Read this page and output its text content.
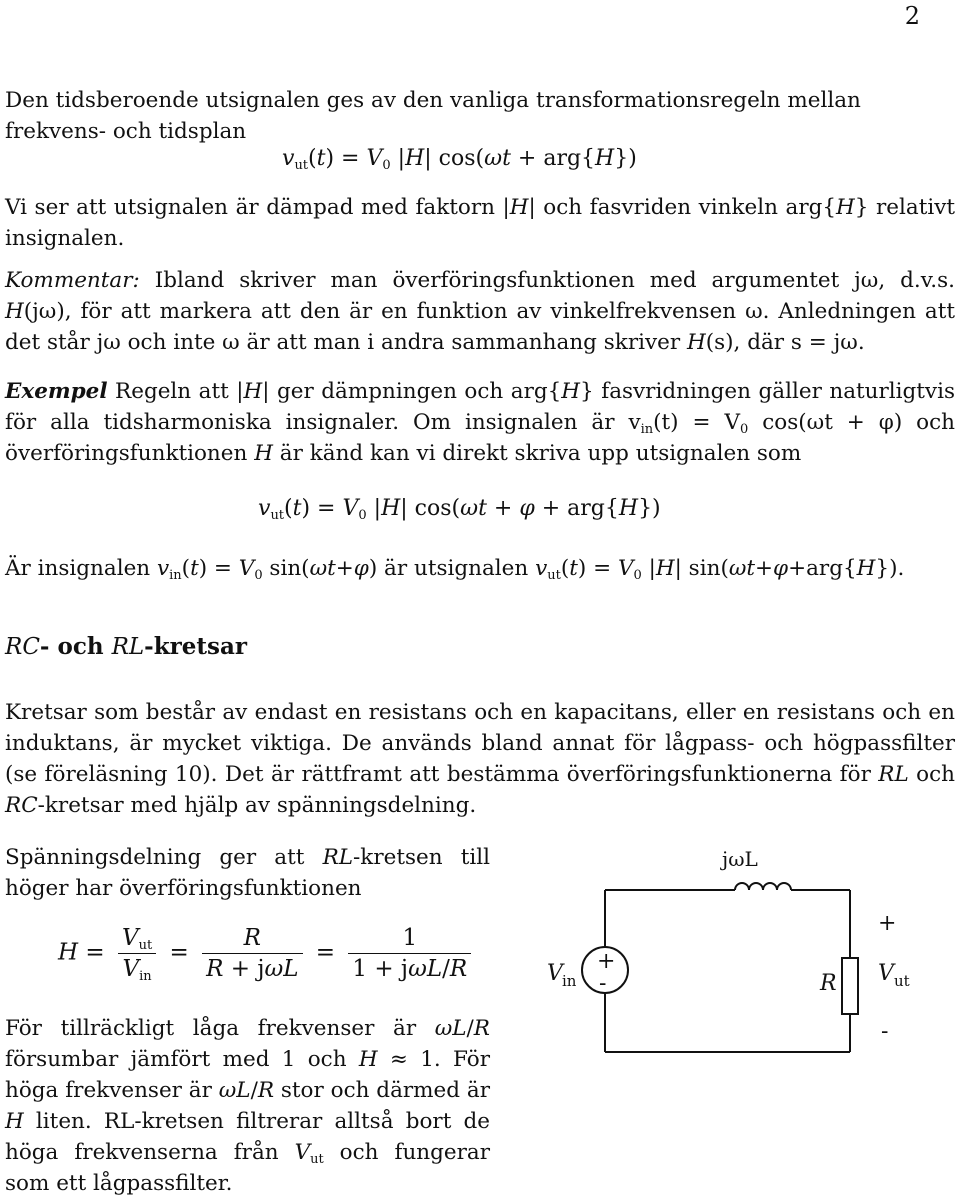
2
Den tidsberoende utsignalen ges av den vanliga transformationsregeln mellan frekvens- och tidsplan
$v_{ut}(t) = V_0$ |H| cos(ωt + arg{H})
Vi ser att utsignalen är dämpad med faktorn |H| och fasvriden vinkeln arg{H} relativt insignalen.
Kommentar: Ibland skriver man överföringsfunktionen med argumentet jω, d.v.s. H(jω), för att markera att den är en funktion av vinkelfrekvensen ω. Anledningen att det står jω och inte ω är att man i andra sammanhang skriver H(s), där s = jω.
Exempel Regeln att |H| ger dämpningen och arg{H} fasvridningen gäller naturligtvis för alla tidsharmoniska insignaler. Om insignalen är $v_{in}(t) = V_0$ cos(ωt + φ) och överföringsfunktionen H är känd kan vi direkt skriva upp utsignalen som
$v_{ut}(t) = V_0$ |H| cos(ωt + φ + arg{H})
Är insignalen $v_{in}(t) = V_0$ sin(ωt+φ) är utsignalen $v_{ut}(t) = V_0$ |H| sin(ωt+φ+arg{H}).
RC- och RL-kretsar
Kretsar som består av endast en resistans och en kapacitans, eller en resistans och en induktans, är mycket viktiga. De används bland annat för lågpass- och högpassfilter (se föreläsning 10). Det är rättframt att bestämma överföringsfunktionerna för RL och RC-kretsar med hjälp av spänningsdelning.
Spänningsdelning ger att RL-kretsen till höger har överföringsfunktionen
$H = \frac{V_{ut}}{V_{in}} = \frac{R}{\text{R + jωL}} = \frac{1}{\text{1 + jωL/R}}$
För tillräckligt låga frekvenser är ωL/R försumbar jämfört med 1 och H ≈ 1. För höga frekvenser är ωL/R stor och därmed är H liten. RL-kretsen filtrerar alltså bort de höga frekvenserna från $V_{ut}$ och fungerar som ett lågpassfilter.
jωL
+
-
V in	R
+
V ut
-
